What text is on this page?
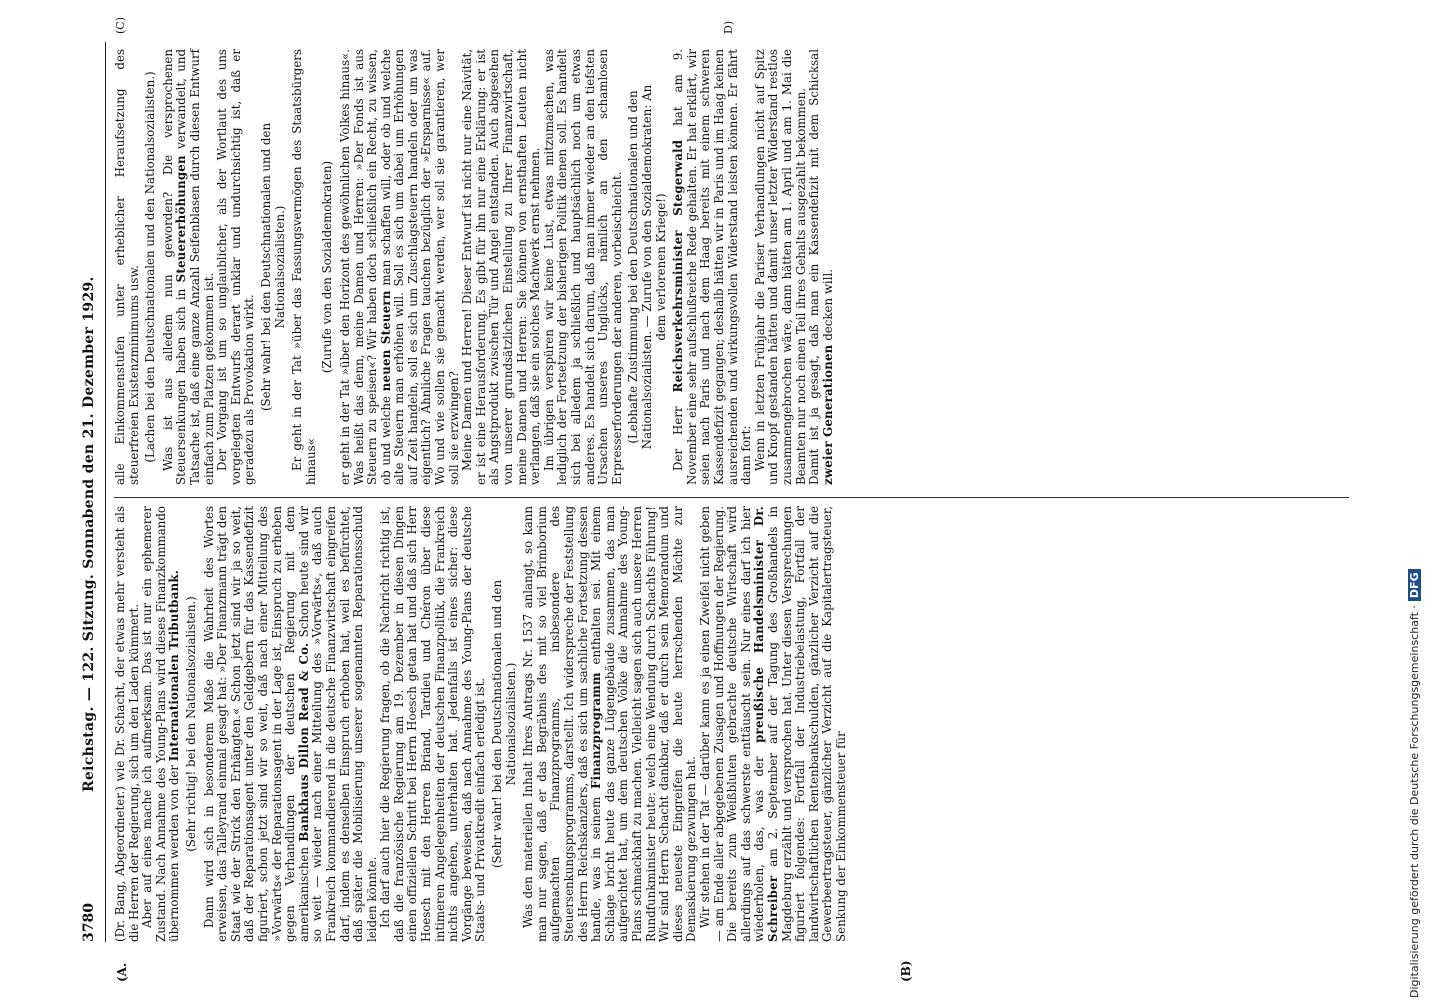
3780
Reichstag. — 122. Sitzung. Sonnabend den 21. Dezember 1929.
(A.	(B)
(C)	D)

(Dr. Bang, Abgeordneter.) wie Dr. Schacht, der etwas mehr versteht als die Herren der Regierung, sich um den Laden kümmert. Aber auf eines mache ich aufmerksam. Das ist nur ein ephemerer Zustand. Nach Annahme des Young-Plans wird dieses Finanzkommando übernommen werden von der Internationalen Tributbank. (Sehr richtig! bei den Nationalsozialisten.) Dann wird sich in besonderem Maße die Wahrheit des Wortes erweisen, das Talleyrand einmal gesagt hat: »Der Finanzmann trägt den Staat wie der Strick den Erhängten.« Schon jetzt sind wir ja so weit, daß der Reparationsagent unter den Geldgebern für das Kassendefizit figuriert, schon jetzt sind wir so weit, daß nach einer Mitteilung des »Vorwärts« der Reparationsagent in der Lage ist, Einspruch zu erheben gegen Verhandlungen der deutschen Regierung mit dem amerikanischen Bankhaus Dillon Read & Co. Schon heute sind wir so weit — wieder nach einer Mitteilung des »Vorwärts«, daß auch Frankreich kommandierend in die deutsche Finanzwirtschaft eingreifen darf, indem es denselben Einspruch erhoben hat, weil es befürchtet, daß später die Mobilisierung unserer sogenannten Reparationsschuld leiden könnte. Ich darf auch hier die Regierung fragen, ob die Nachricht richtig ist, daß die französische Regierung am 19. Dezember in diesen Dingen einen offiziellen Schritt bei Herrn Hoesch getan hat und daß sich Herr Hoesch mit den Herren Briand, Tardieu und Chéron über diese intimeren Angelegenheiten der deutschen Finanzpolitik, die Frankreich nichts angehen, unterhalten hat. Jedenfalls ist eines sicher: diese Vorgänge beweisen, daß nach Annahme des Young-Plans der deutsche Staats- und Privatkredit einfach erledigt ist. (Sehr wahr! bei den Deutschnationalen und den Nationalsozialisten.) Was den materiellen Inhalt Ihres Antrags Nr. 1537 anlangt, so kann man nur sagen, daß er das Begräbnis des mit so viel Brimborium aufgemachten Finanzprogramms, insbesondere des Steuersenkungsprogramms, darstellt. Ich widerspreche der Feststellung des Herrn Reichskanzlers, daß es sich um sachliche Fortsetzung dessen handle, was in seinem Finanzprogramm enthalten sei. Mit einem Schlage bricht heute das ganze Lügengebäude zusammen, das man aufgerichtet hat, um dem deutschen Volke die Annahme des Young-Plans schmackhaft zu machen. Vielleicht sagen sich auch unsere Herren Rundfunkminister heute: welch eine Wendung durch Schachts Führung! Wir sind Herrn Schacht dankbar, daß er durch sein Memorandum und dieses neueste Eingreifen die heute herrschenden Mächte zur Demaskierung gezwungen hat. Wir stehen in der Tat — darüber kann es ja einen Zweifel nicht geben — am Ende aller abgegebenen Zusagen und Hoffnungen der Regierung. Die bereits zum Weißbluten gebrachte deutsche Wirtschaft wird allerdings auf das schwerste enttäuscht sein. Nur eines darf ich hier wiederholen, das, was der preußische Handelsminister Dr. Schreiber am 2. September auf der Tagung des Großhandels in Magdeburg erzählt und versprochen hat. Unter diesen Versprechungen figuriert folgendes: Fortfall der Industriebelastung, Fortfall der landwirtschaftlichen Rentenbankschulden, gänzlicher Verzicht auf die Gewerbeertragsteuer, gänzlicher Verzicht auf die Kapitalertragsteuer, Senkung der Einkommensteuer für

alle Einkommenstufen unter erheblicher Heraufsetzung des steuerfreien Existenzminimums usw. (Lachen bei den Deutschnationalen und den Nationalsozialisten.) Was ist aus alledem nun geworden? Die versprochenen Steuersenkungen haben sich in Steuererhöhungen verwandelt, und Tatsache ist, daß eine ganze Anzahl Seifenblasen durch diesen Entwurf einfach zum Platzen gekommen ist. Der Vorgang ist um so unglaublicher, als der Wortlaut des uns vorgelegten Entwurfs derart unklar und undurchsichtig ist, daß er geradezu als Provokation wirkt. (Sehr wahr! bei den Deutschnationalen und den Nationalsozialisten.) Er geht in der Tat »über das Fassungsvermögen des Staatsbürgers hinaus«

(Zurufe von den Sozialdemokraten) er geht in der Tat »über den Horizont des gewöhnlichen Volkes hinaus«. Was heißt das denn, meine Damen und Herren: »Der Fonds ist aus Steuern zu speisen«? Wir haben doch schließlich ein Recht, zu wissen, ob und welche neuen Steuern man schaffen will, oder ob und welche alte Steuern man erhöhen will. Soll es sich um dabei um Erhöhungen auf Zeit handeln, soll es sich um Zuschlagsteuern handeln oder um was eigentlich? Ähnliche Fragen tauchen bezüglich der »Ersparnisse« auf. Wo und wie sollen sie gemacht werden, wer soll sie garantieren, wer soll sie erzwingen? Meine Damen und Herren! Dieser Entwurf ist nicht nur eine Naivität, er ist eine Herausforderung. Es gibt für ihn nur eine Erklärung: er ist als Angstprodukt zwischen Tür und Angel entstanden. Auch abgesehen von unserer grundsätzlichen Einstellung zu Ihrer Finanzwirtschaft, meine Damen und Herren: Sie können von ernsthaften Leuten nicht verlangen, daß sie ein solches Machwerk ernst nehmen. Im übrigen verspüren wir keine Lust, etwas mitzumachen, was lediglich der Fortsetzung der bisherigen Politik dienen soll. Es handelt sich bei alledem ja schließlich und hauptsächlich noch um etwas anderes. Es handelt sich darum, daß man immer wieder an den tiefsten Ursachen unseres Unglücks, nämlich an den schamlosen Erpresserforderungen der anderen, vorbeischleicht. (Lebhafte Zustimmung bei den Deutschnationalen und den Nationalsozialisten. — Zurufe von den Sozialdemokraten: An dem verlorenen Kriege!)

Der Herr Reichsverkehrsminister Stegerwald hat am 9. November eine sehr aufschlußreiche Rede gehalten. Er hat erklärt, wir seien nach Paris und nach dem Haag bereits mit einem schweren Kassendefizit gegangen; deshalb hätten wir in Paris und im Haag keinen ausreichenden und wirkungsvollen Widerstand leisten können. Er fährt dann fort: Wenn in letzten Frühjahr die Pariser Verhandlungen nicht auf Spitz und Knopf gestanden hätten und damit unser letzter Widerstand restlos zusammengebrochen wäre, dann hätten am 1. April und am 1. Mai die Beamten nur noch einen Teil ihres Gehalts ausgezahlt bekommen. Damit ist ja gesagt, daß man ein Kassendefizit mit dem Schicksal zweier Generationen decken will.

Digitalisierung gefördert durch die Deutsche Forschungsgemeinschaft ·DFG
